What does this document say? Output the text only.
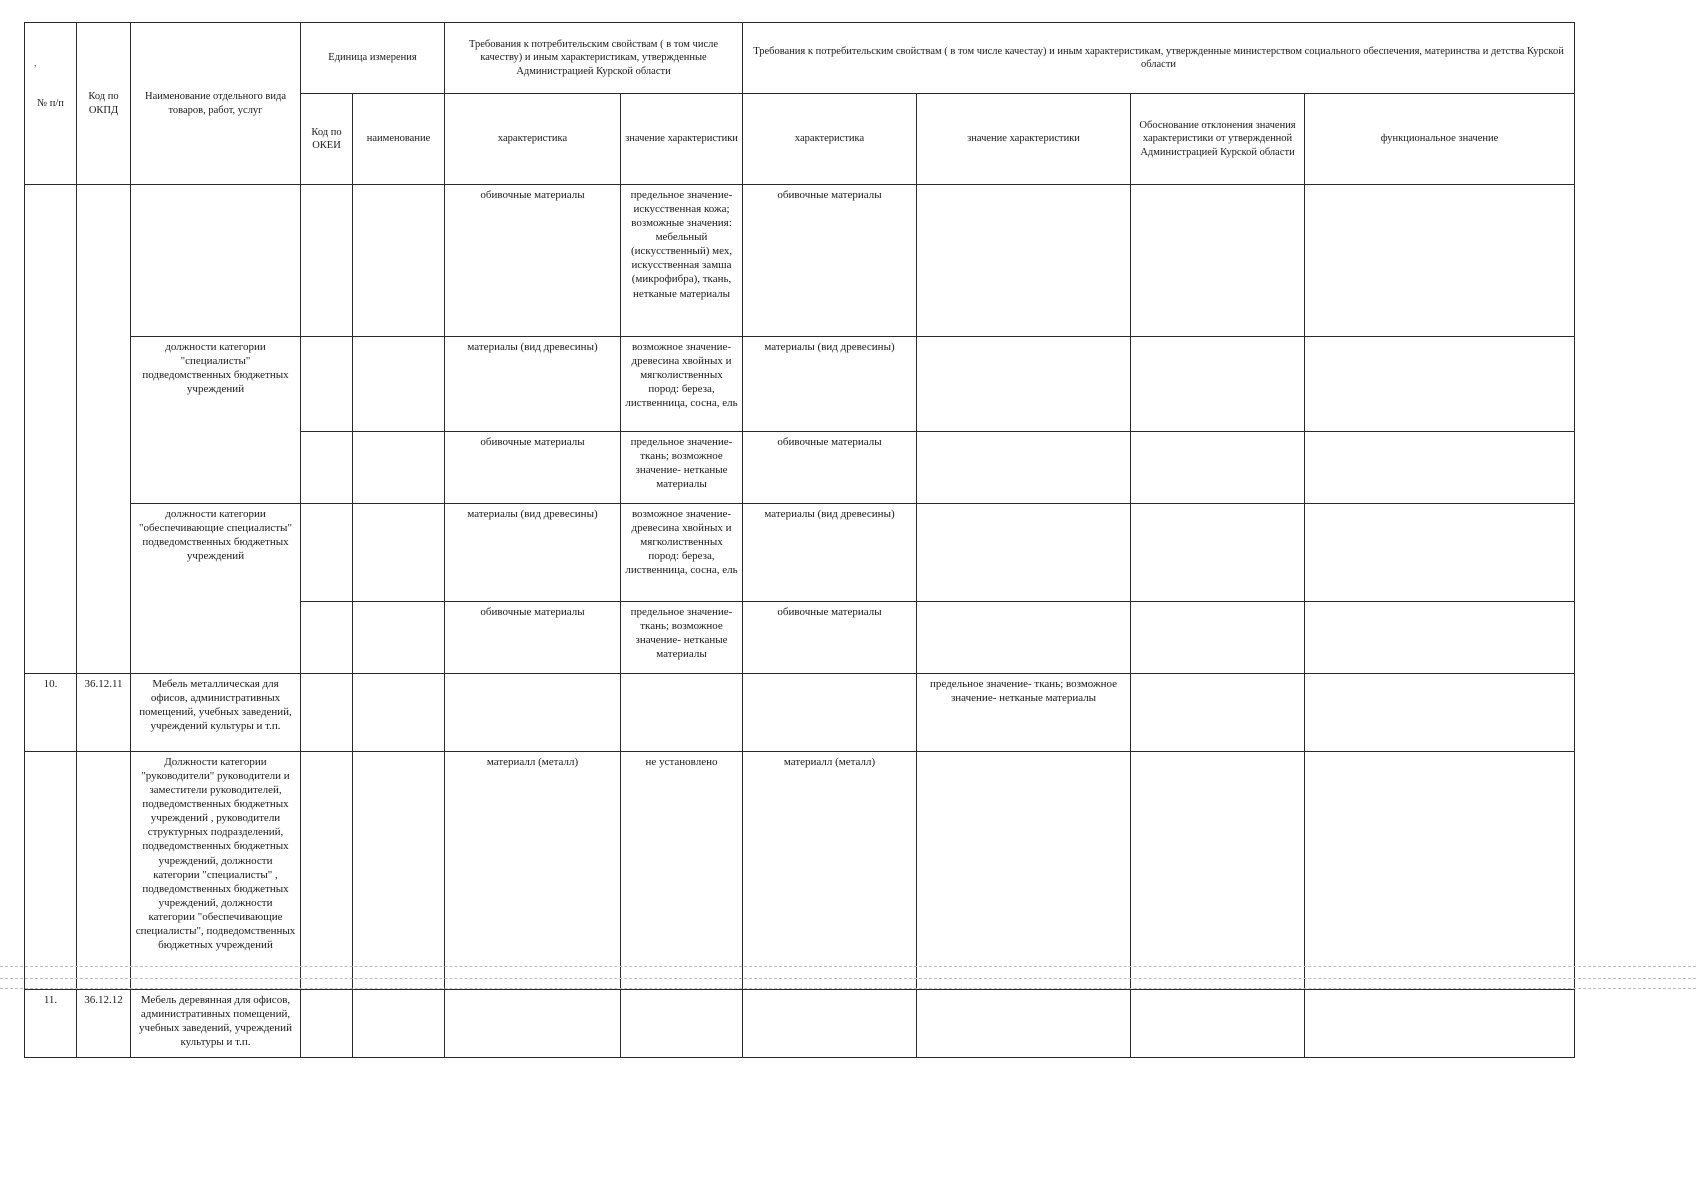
,
№ п/п	Код по ОКПД	Наименование отдельного вида товаров, работ, услуг	Единица измерения		Требования к потребительским свойствам ( в том числе качеству) и иным характеристикам, утвержденные Администрацией Курской области		Требования к потребительским свойствам ( в том числе качестау) и иным характеристикам, утвержденные министерством социального обеспечения, материнства и детства Курской области			
			Код по ОКЕИ	наименование	характеристика	значение характеристики	характеристика	значение характеристики	Обоснование отклонения значения характеристики от утвержденной Администрацией Курской области	функциональное значение
					обивочные материалы	предельное значение- искусственная кожа; возможные значения: мебельный (искусственный) мех, искусственная замша (микрофибра), ткань, нетканые материалы	обивочные материалы			
		должности категории "специалисты" подведомственных бюджетных учреждений			материалы (вид древесины)	возможное значение- древесина хвойных и мягколиственных пород: береза, лиственница, сосна, ель	материалы (вид древесины)			
					обивочные материалы	предельное значение- ткань; возможное значение- нетканые материалы	обивочные материалы			
		должности категории "обеспечивающие специалисты" подведомственных бюджетных учреждений			материалы (вид древесины)	возможное значение- древесина хвойных и мягколиственных пород: береза, лиственница, сосна, ель	материалы (вид древесины)			
					обивочные материалы	предельное значение- ткань; возможное значение- нетканые материалы	обивочные материалы			
10.	36.12.11	Мебель металлическая для офисов, административных помещений, учебных заведений, учреждений культуры и т.п.						предельное значение- ткань; возможное значение- нетканые материалы		
		Должности категории "руководители" руководители и заместители руководителей, подведомственных бюджетных учреждений , руководители структурных подразделений, подведомственных бюджетных учреждений, должности категории "специалисты" , подведомственных бюджетных учреждений, должности категории "обеспечивающие специалисты", подведомственных бюджетных учреждений			материалл (металл)	не установлено	материалл (металл)			
11.	36.12.12	Мебель деревянная для офисов, административных помещений, учебных заведений, учреждений культуры и т.п.								
